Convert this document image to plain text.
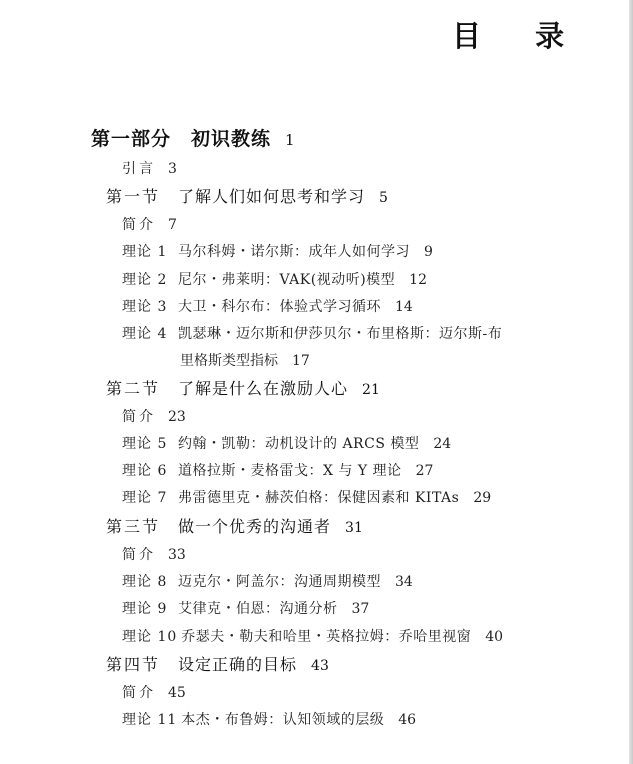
目 录
第一部分 初识教练 1
引言 3
第一节 了解人们如何思考和学习 5
简介 7
理论 1 马尔科姆・诺尔斯：成年人如何学习 9
理论 2 尼尔・弗莱明：VAK(视动听)模型 12
理论 3 大卫・科尔布：体验式学习循环 14
理论 4 凯瑟琳・迈尔斯和伊莎贝尔・布里格斯：迈尔斯-布
里格斯类型指标 17
第二节 了解是什么在激励人心 21
简介 23
理论 5 约翰・凯勒：动机设计的 ARCS 模型 24
理论 6 道格拉斯・麦格雷戈：X 与 Y 理论 27
理论 7 弗雷德里克・赫茨伯格：保健因素和 KITAs 29
第三节 做一个优秀的沟通者 31
简介 33
理论 8 迈克尔・阿盖尔：沟通周期模型 34
理论 9 艾律克・伯恩：沟通分析 37
理论 10 乔瑟夫・勒夫和哈里・英格拉姆：乔哈里视窗 40
第四节 设定正确的目标 43
简介 45
理论 11 本杰・布鲁姆：认知领域的层级 46
